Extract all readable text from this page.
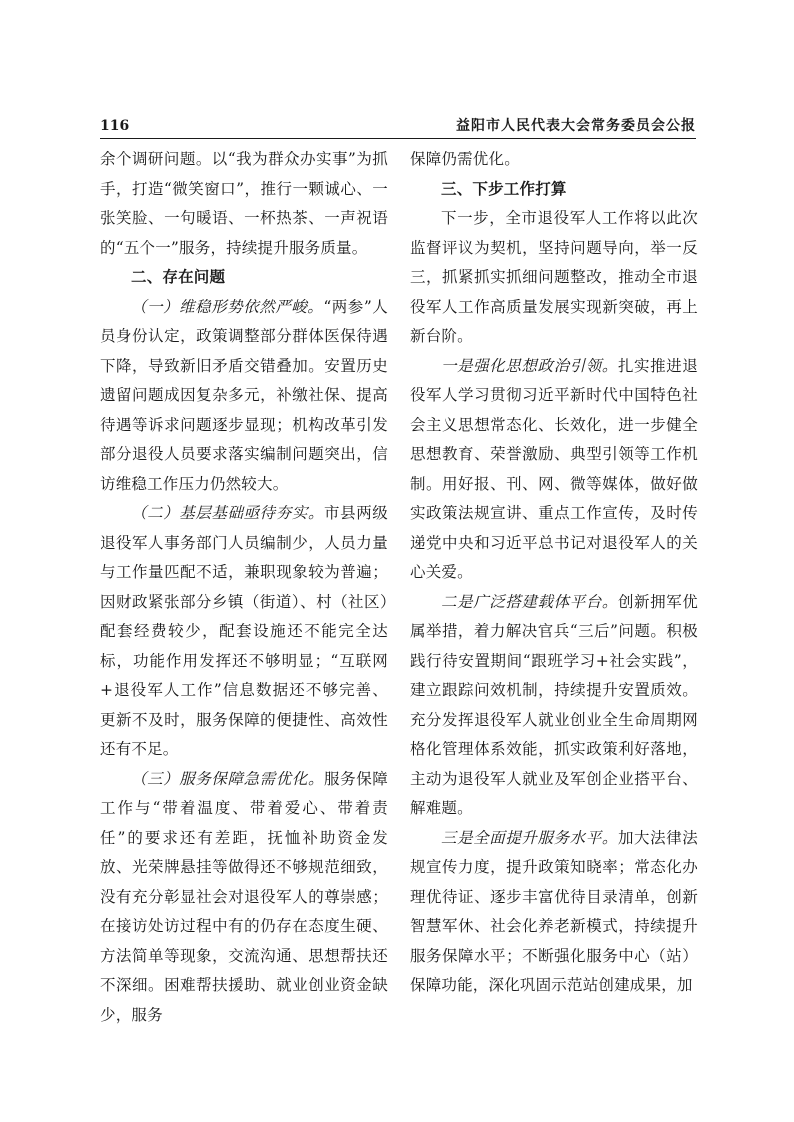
116	益阳市人民代表大会常务委员会公报

余个调研问题。以“我为群众办实事”为抓手，打造“微笑窗口”，推行一颗诚心、一张笑脸、一句暖语、一杯热茶、一声祝语的“五个一”服务，持续提升服务质量。

二、存在问题

（一）维稳形势依然严峻。“两参”人员身份认定，政策调整部分群体医保待遇下降，导致新旧矛盾交错叠加。安置历史遗留问题成因复杂多元，补缴社保、提高待遇等诉求问题逐步显现；机构改革引发部分退役人员要求落实编制问题突出，信访维稳工作压力仍然较大。

（二）基层基础亟待夯实。市县两级退役军人事务部门人员编制少，人员力量与工作量匹配不适，兼职现象较为普遍；因财政紧张部分乡镇（街道）、村（社区）配套经费较少，配套设施还不能完全达标，功能作用发挥还不够明显；“互联网+退役军人工作”信息数据还不够完善、更新不及时，服务保障的便捷性、高效性还有不足。

（三）服务保障急需优化。服务保障工作与“带着温度、带着爱心、带着责任”的要求还有差距，抚恤补助资金发放、光荣牌悬挂等做得还不够规范细致，没有充分彰显社会对退役军人的尊崇感；在接访处访过程中有的仍存在态度生硬、方法简单等现象，交流沟通、思想帮扶还不深细。困难帮扶援助、就业创业资金缺少，服务

保障仍需优化。

三、下步工作打算

下一步，全市退役军人工作将以此次监督评议为契机，坚持问题导向，举一反三，抓紧抓实抓细问题整改，推动全市退役军人工作高质量发展实现新突破，再上新台阶。

一是强化思想政治引领。扎实推进退役军人学习贯彻习近平新时代中国特色社会主义思想常态化、长效化，进一步健全思想教育、荣誉激励、典型引领等工作机制。用好报、刊、网、微等媒体，做好做实政策法规宣讲、重点工作宣传，及时传递党中央和习近平总书记对退役军人的关心关爱。

二是广泛搭建载体平台。创新拥军优属举措，着力解决官兵“三后”问题。积极践行待安置期间“跟班学习+社会实践”，建立跟踪问效机制，持续提升安置质效。充分发挥退役军人就业创业全生命周期网格化管理体系效能，抓实政策利好落地，主动为退役军人就业及军创企业搭平台、解难题。

三是全面提升服务水平。加大法律法规宣传力度，提升政策知晓率；常态化办理优待证、逐步丰富优待目录清单，创新智慧军休、社会化养老新模式，持续提升服务保障水平；不断强化服务中心（站）保障功能，深化巩固示范站创建成果，加
